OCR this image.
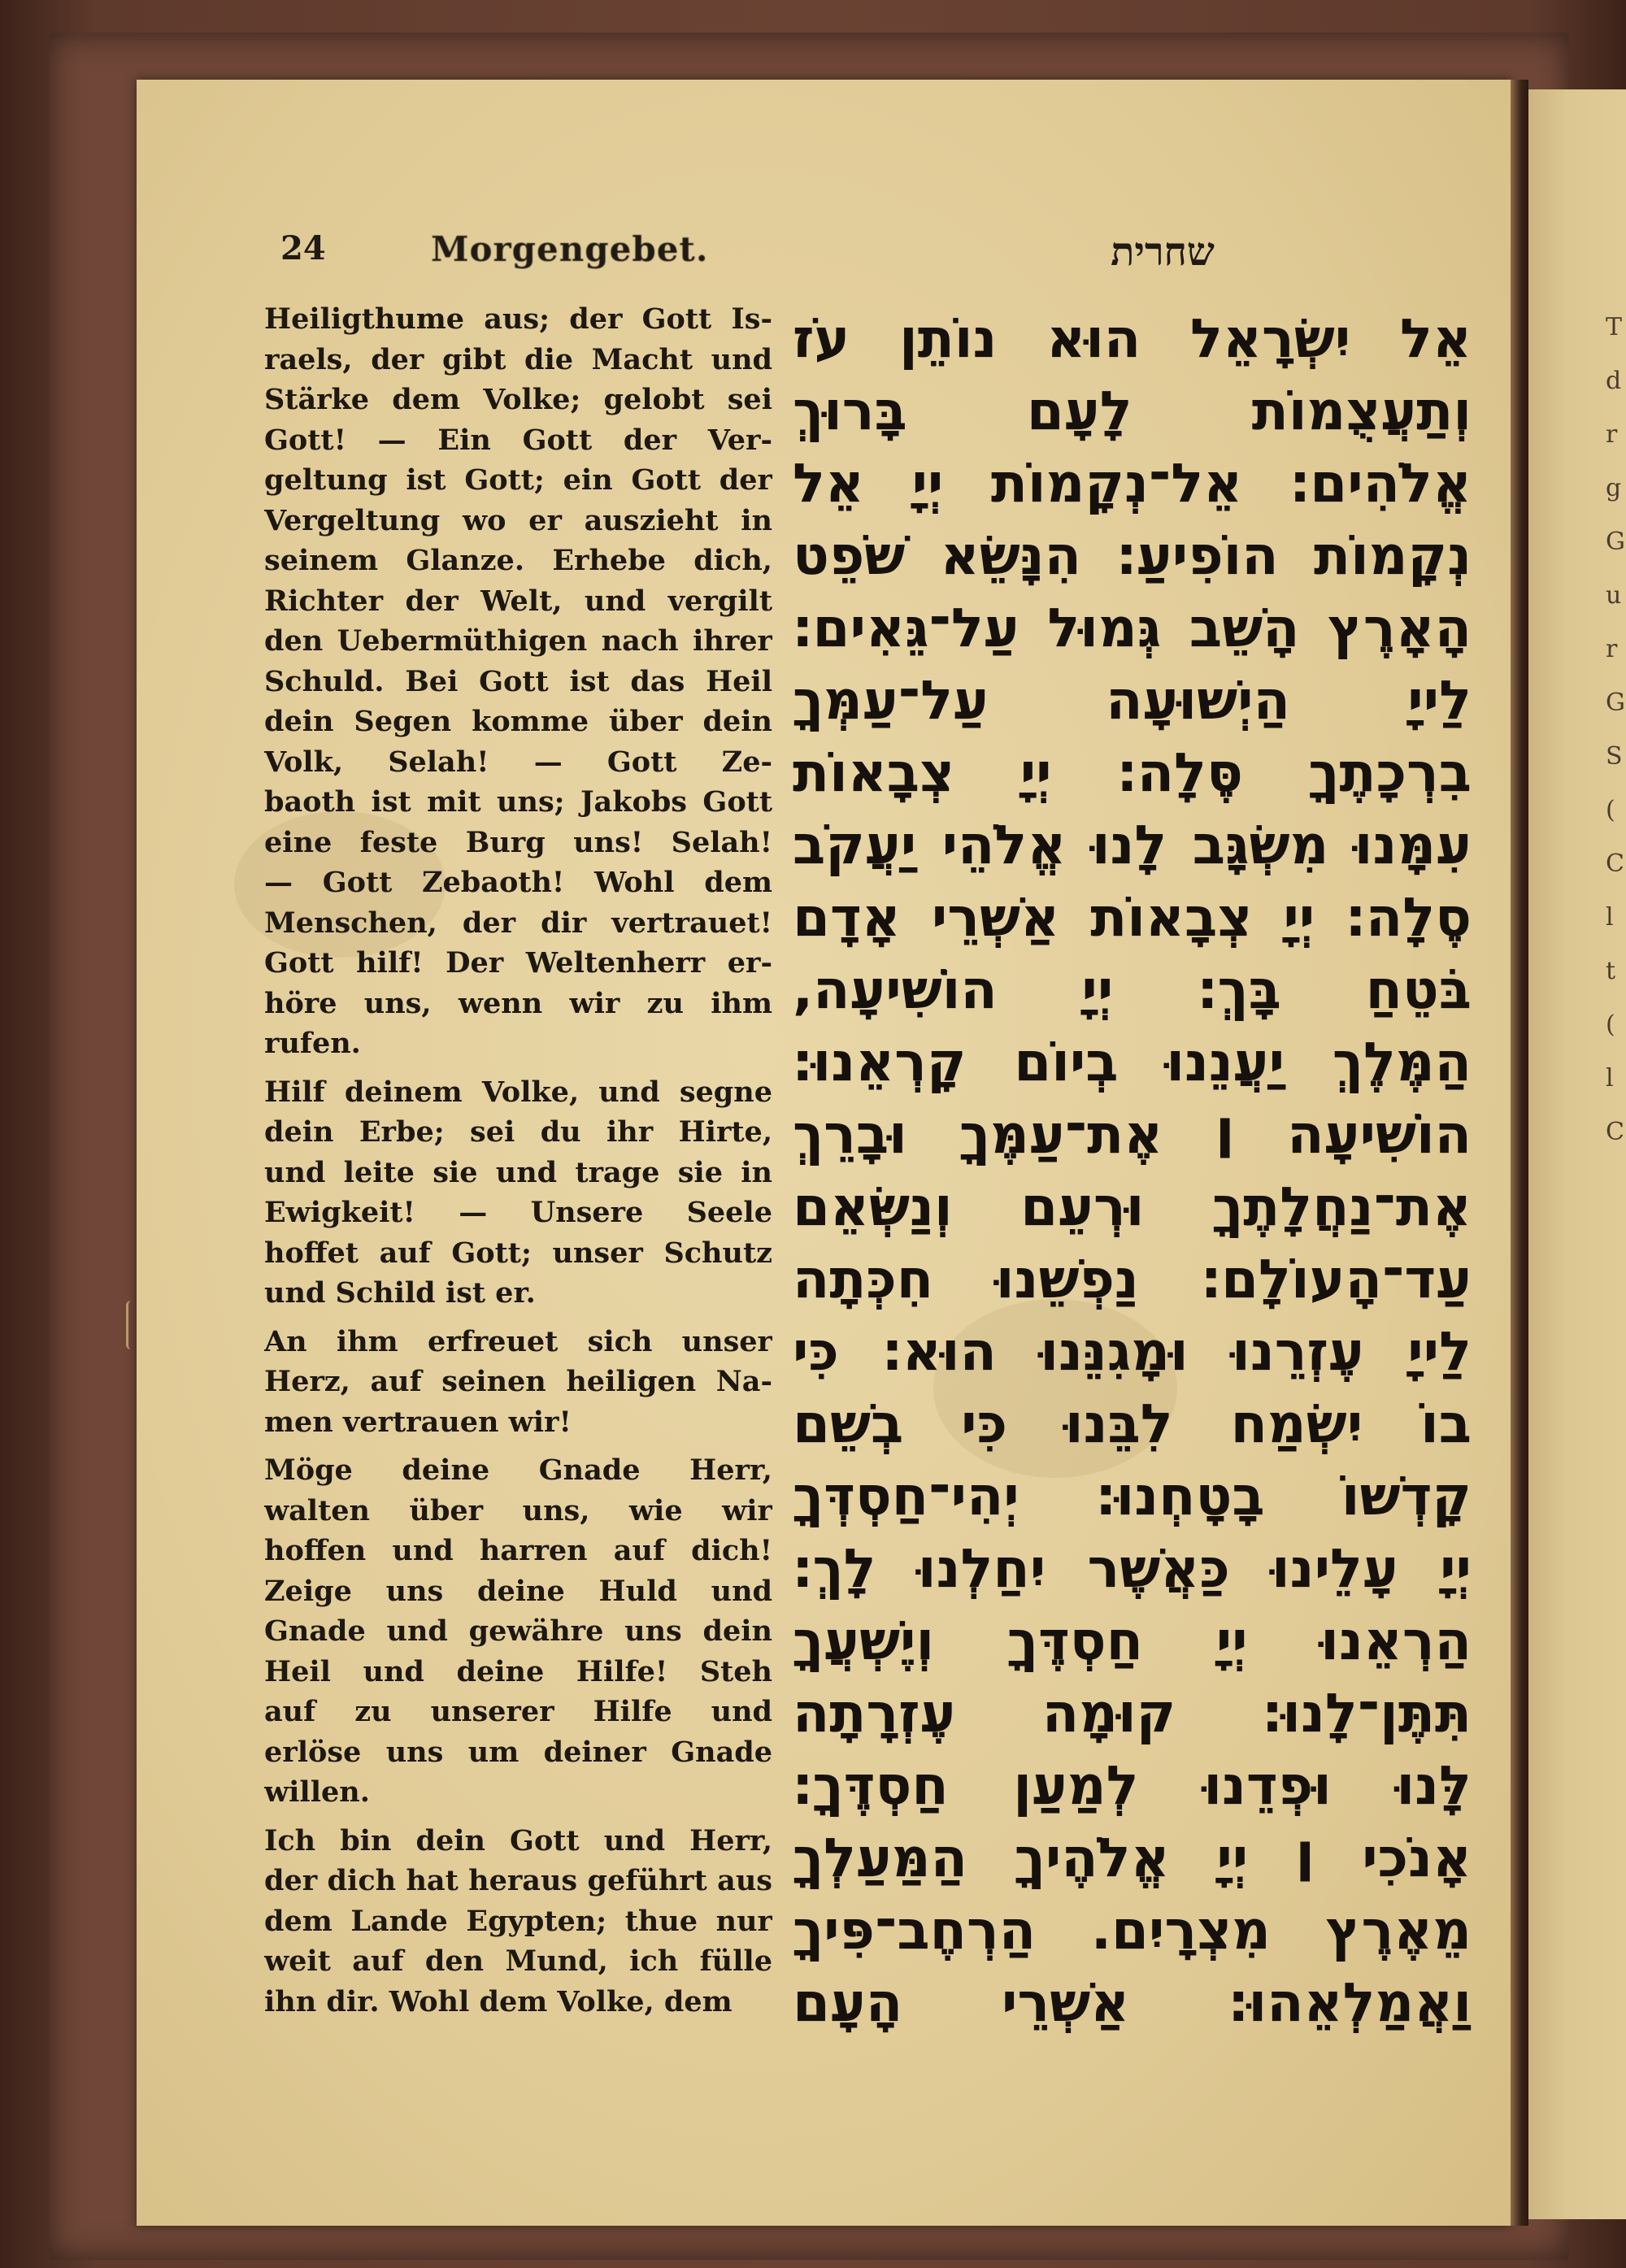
T
d
r
g
G
u
r
G
S
(
C
l
t
(
l
C
24	Morgengebet.	שחרית
Heiligthume aus; der Gott Is-
raels, der gibt die Macht und
Stärke dem Volke; gelobt sei
Gott! — Ein Gott der Ver-
geltung ist Gott; ein Gott der
Vergeltung wo er auszieht in
seinem Glanze. Erhebe dich,
Richter der Welt, und vergilt
den Uebermüthigen nach ihrer
Schuld. Bei Gott ist das Heil
dein Segen komme über dein
Volk, Selah! — Gott Ze-
baoth ist mit uns; Jakobs Gott
eine feste Burg uns! Selah!
— Gott Zebaoth! Wohl dem
Menschen, der dir vertrauet!
Gott hilf! Der Weltenherr er-
höre uns, wenn wir zu ihm
rufen.
Hilf deinem Volke, und segne
dein Erbe; sei du ihr Hirte,
und leite sie und trage sie in
Ewigkeit! — Unsere Seele
hoffet auf Gott; unser Schutz
und Schild ist er.
An ihm erfreuet sich unser
Herz, auf seinen heiligen Na-
men vertrauen wir!
Möge deine Gnade Herr,
walten über uns, wie wir
hoffen und harren auf dich!
Zeige uns deine Huld und
Gnade und gewähre uns dein
Heil und deine Hilfe! Steh
auf zu unserer Hilfe und
erlöse uns um deiner Gnade
willen.
Ich bin dein Gott und Herr,
der dich hat heraus geführt aus
dem Lande Egypten; thue nur
weit auf den Mund, ich fülle
ihn dir. Wohl dem Volke, dem
אֵל יִשְׂרָאֵל הוּא נוֹתֵן עֹז
וְתַעֲצֻמוֹת לָעָם בָּרוּךְ
אֱלֹהִים׃ אֵל־נְקָמוֹת יְיָ אֵל
נְקָמוֹת הוֹפִיעַ׃ הִנָּשֵׂא שֹׁפֵט
הָאָרֶץ הָשֵׁב גְּמוּל עַל־גֵּאִים׃
לַייָ הַיְשׁוּעָה עַל־עַמְּךָ
בִרְכָתֶךָ סֶּלָה׃ יְיָ צְבָאוֹת
עִמָּנוּ מִשְׂגָּב לָנוּ אֱלֹהֵי יַעֲקֹב
סֶלָה׃ יְיָ צְבָאוֹת אַשְׁרֵי אָדָם
בֹּטֵחַ בָּךְ׃ יְיָ הוֹשִׁיעָה,
הַמֶּלֶךְ יַעֲנֵנוּ בְיוֹם קָרְאֵנוּ׃
הוֹשִׁיעָה ׀ אֶת־עַמֶּךָ וּבָרֵךְ
אֶת־נַחֲלָתֶךָ וּרְעֵם וְנַשְּׂאֵם
עַד־הָעוֹלָם׃ נַפְשֵׁנוּ חִכְּתָה
לַייָ עֶזְרֵנוּ וּמָגִנֵּנוּ הוּא׃ כִּי
בוֹ יִשְׂמַח לִבֵּנוּ כִּי בְשֵׁם
קָדְשׁוֹ בָטָחְנוּ׃ יְהִי־חַסְדְּךָ
יְיָ עָלֵינוּ כַּאֲשֶׁר יִחַלְנוּ לָךְ׃
הַרְאֵנוּ יְיָ חַסְדֶּךָ וְיֶשְׁעֲךָ
תִּתֶּן־לָנוּ׃ קוּמָה עֶזְרָתָה
לָּנוּ וּפְדֵנוּ לְמַעַן חַסְדֶּךָ׃
אָנֹכִי ׀ יְיָ אֱלֹהֶיךָ הַמַּעַלְךָ
מֵאֶרֶץ מִצְרָיִם. הַרְחֶב־פִּיךָ
וַאֲמַלְאֵהוּ׃ אַשְׁרֵי הָעָם
